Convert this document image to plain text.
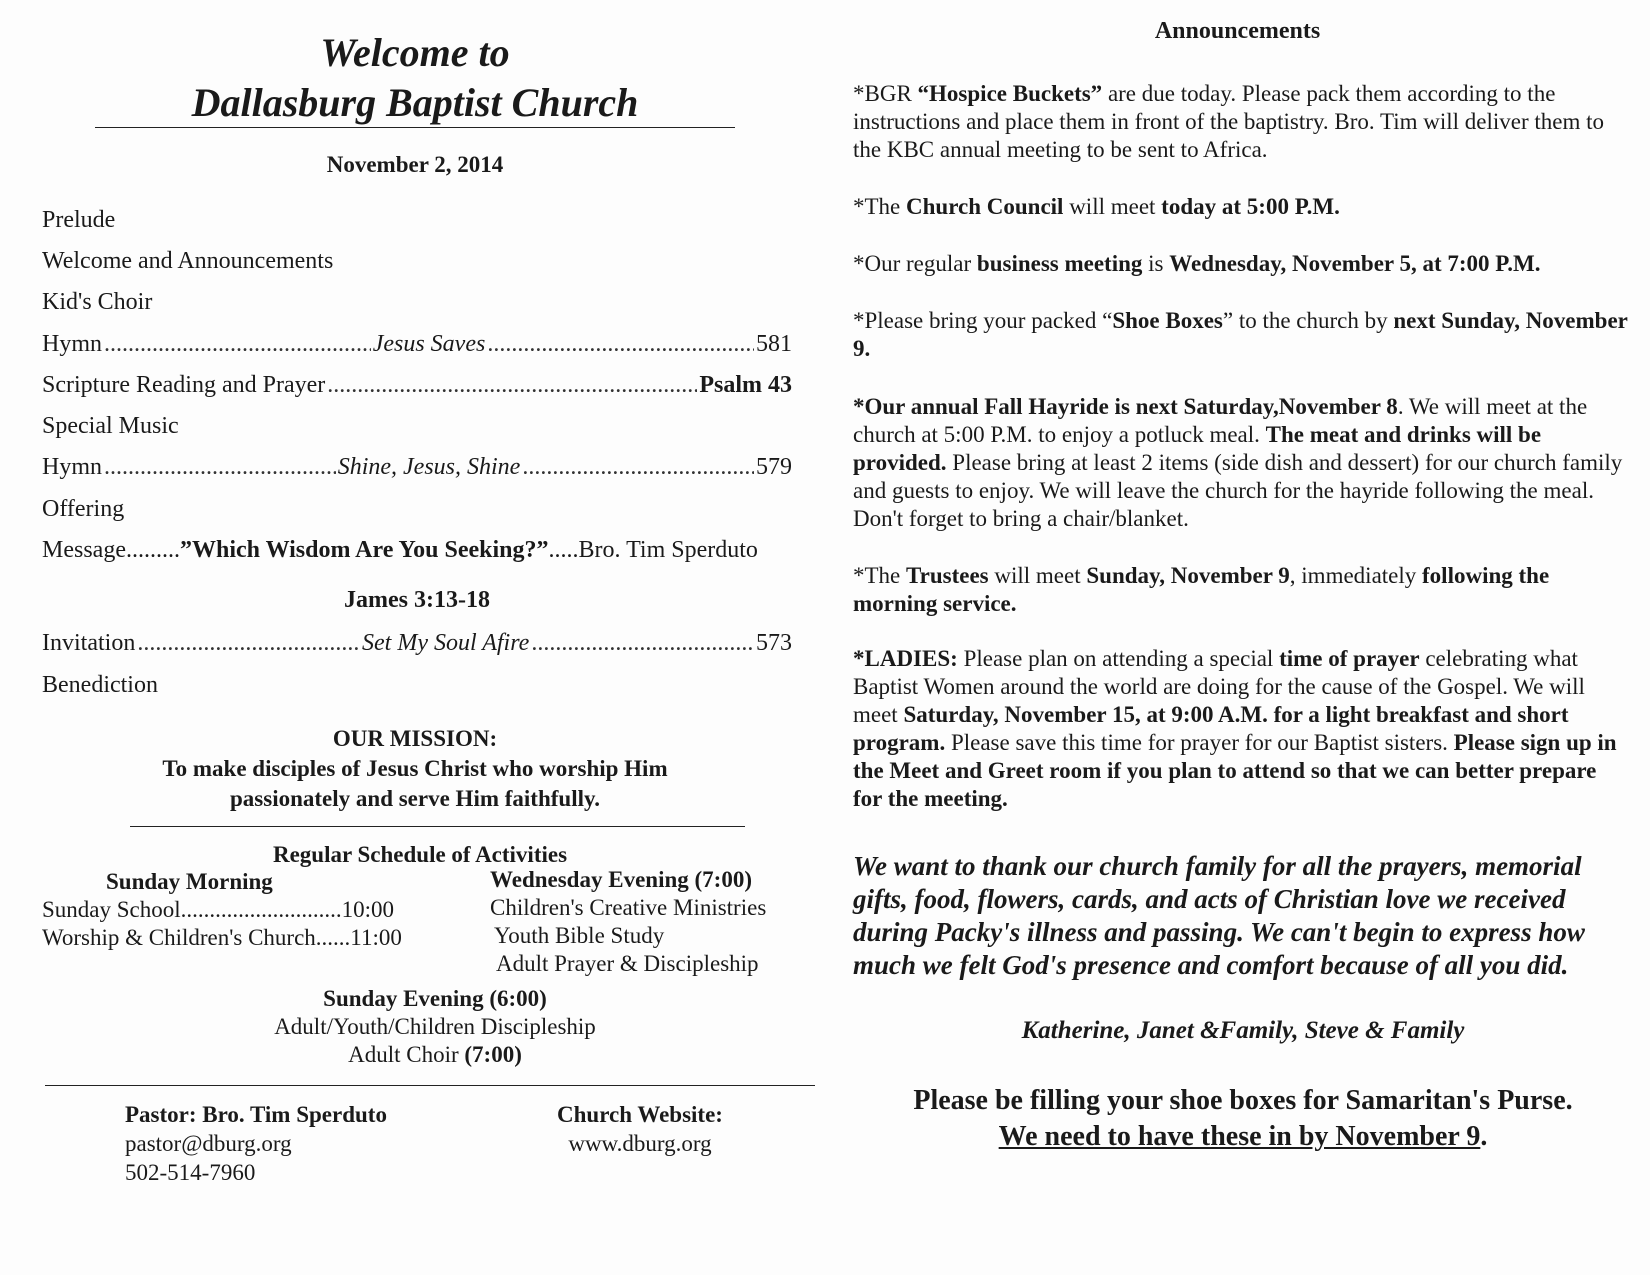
Welcome to
Dallasburg Baptist Church
November 2, 2014
Prelude
Welcome and Announcements
Kid's Choir
Hymn .....	Jesus Saves .....	581
Scripture Reading and Prayer .....	Psalm 43
Special Music
Hymn .....	Shine, Jesus, Shine .....	579
Offering
Message.........”Which Wisdom Are You Seeking?”.....Bro. Tim Sperduto
James 3:13-18
Invitation .....	Set My Soul Afire .....	573
Benediction
OUR MISSION:
To make disciples of Jesus Christ who worship Him
passionately and serve Him faithfully.
Regular Schedule of Activities
Sunday Morning
Sunday School............................10:00
Worship & Children's Church......11:00
Wednesday Evening (7:00)
Children's Creative Ministries
Youth Bible Study
Adult Prayer & Discipleship
Sunday Evening (6:00)
Adult/Youth/Children Discipleship
Adult Choir (7:00)
Pastor: Bro. Tim Sperduto
pastor@dburg.org
502-514-7960
Church Website:
www.dburg.org
Announcements

*BGR “Hospice Buckets” are due today. Please pack them according to the instructions and place them in front of the baptistry. Bro. Tim will deliver them to the KBC annual meeting to be sent to Africa.

*The Church Council will meet today at 5:00 P.M.

*Our regular business meeting is Wednesday, November 5, at 7:00 P.M.

*Please bring your packed “Shoe Boxes” to the church by next Sunday, November 9.

*Our annual Fall Hayride is next Saturday,November 8. We will meet at the church at 5:00 P.M. to enjoy a potluck meal. The meat and drinks will be provided. Please bring at least 2 items (side dish and dessert) for our church family and guests to enjoy. We will leave the church for the hayride following the meal. Don't forget to bring a chair/blanket.

*The Trustees will meet Sunday, November 9, immediately following the morning service.

*LADIES: Please plan on attending a special time of prayer celebrating what Baptist Women around the world are doing for the cause of the Gospel. We will meet Saturday, November 15, at 9:00 A.M. for a light breakfast and short program. Please save this time for prayer for our Baptist sisters. Please sign up in the Meet and Greet room if you plan to attend so that we can better prepare for the meeting.

We want to thank our church family for all the prayers, memorial gifts, food, flowers, cards, and acts of Christian love we received during Packy's illness and passing. We can't begin to express how much we felt God's presence and comfort because of all you did.
Katherine, Janet &Family, Steve & Family
Please be filling your shoe boxes for Samaritan's Purse.
We need to have these in by November 9.
